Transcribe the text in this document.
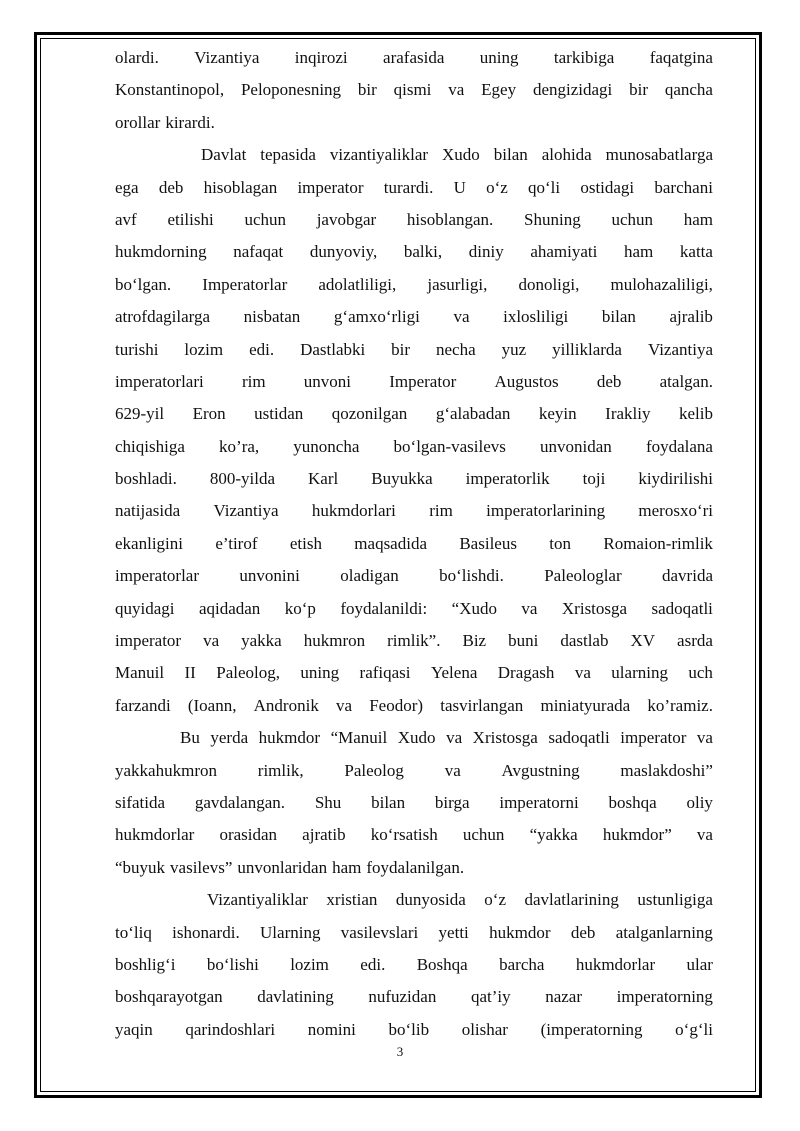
olardi. Vizantiya inqirozi arafasida uning tarkibiga faqatgina
Konstantinopol, Peloponesning bir qismi va Egey dengizidagi bir qancha
orollar kirardi.
Davlat tepasida vizantiyaliklar Xudo bilan alohida munosabatlarga
ega deb hisoblagan imperator turardi. U o‘z qo‘li ostidagi barchani
avf etilishi uchun javobgar hisoblangan. Shuning uchun ham
hukmdorning nafaqat dunyoviy, balki, diniy ahamiyati ham katta
bo‘lgan. Imperatorlar adolatliligi, jasurligi, donoligi, mulohazaliligi,
atrofdagilarga nisbatan g‘amxo‘rligi va ixlosliligi bilan ajralib
turishi lozim edi. Dastlabki bir necha yuz yilliklarda Vizantiya
imperatorlari rim unvoni Imperator Augustos deb atalgan.
629-yil Eron ustidan qozonilgan g‘alabadan keyin Irakliy kelib
chiqishiga ko’ra, yunoncha bo‘lgan-vasilevs unvonidan foydalana
boshladi. 800-yilda Karl Buyukka imperatorlik toji kiydirilishi
natijasida Vizantiya hukmdorlari rim imperatorlarining merosxo‘ri
ekanligini e’tirof etish maqsadida Basileus ton Romaion-rimlik
imperatorlar unvonini oladigan bo‘lishdi. Paleologlar davrida
quyidagi aqidadan ko‘p foydalanildi: “Xudo va Xristosga sadoqatli
imperator va yakka hukmron rimlik”. Biz buni dastlab XV asrda
Manuil II Paleolog, uning rafiqasi Yelena Dragash va ularning uch
farzandi (Ioann, Andronik va Feodor) tasvirlangan miniatyurada ko’ramiz.
Bu yerda hukmdor “Manuil Xudo va Xristosga sadoqatli imperator va
yakkahukmron rimlik, Paleolog va Avgustning maslakdoshi”
sifatida gavdalangan. Shu bilan birga imperatorni boshqa oliy
hukmdorlar orasidan ajratib ko‘rsatish uchun “yakka hukmdor” va
“buyuk vasilevs” unvonlaridan ham foydalanilgan.
Vizantiyaliklar xristian dunyosida o‘z davlatlarining ustunligiga
to‘liq ishonardi. Ularning vasilevslari yetti hukmdor deb atalganlarning
boshlig‘i bo‘lishi lozim edi. Boshqa barcha hukmdorlar ular
boshqarayotgan davlatining nufuzidan qat’iy nazar imperatorning
yaqin qarindoshlari nomini bo‘lib olishar (imperatorning o‘g‘li
3
